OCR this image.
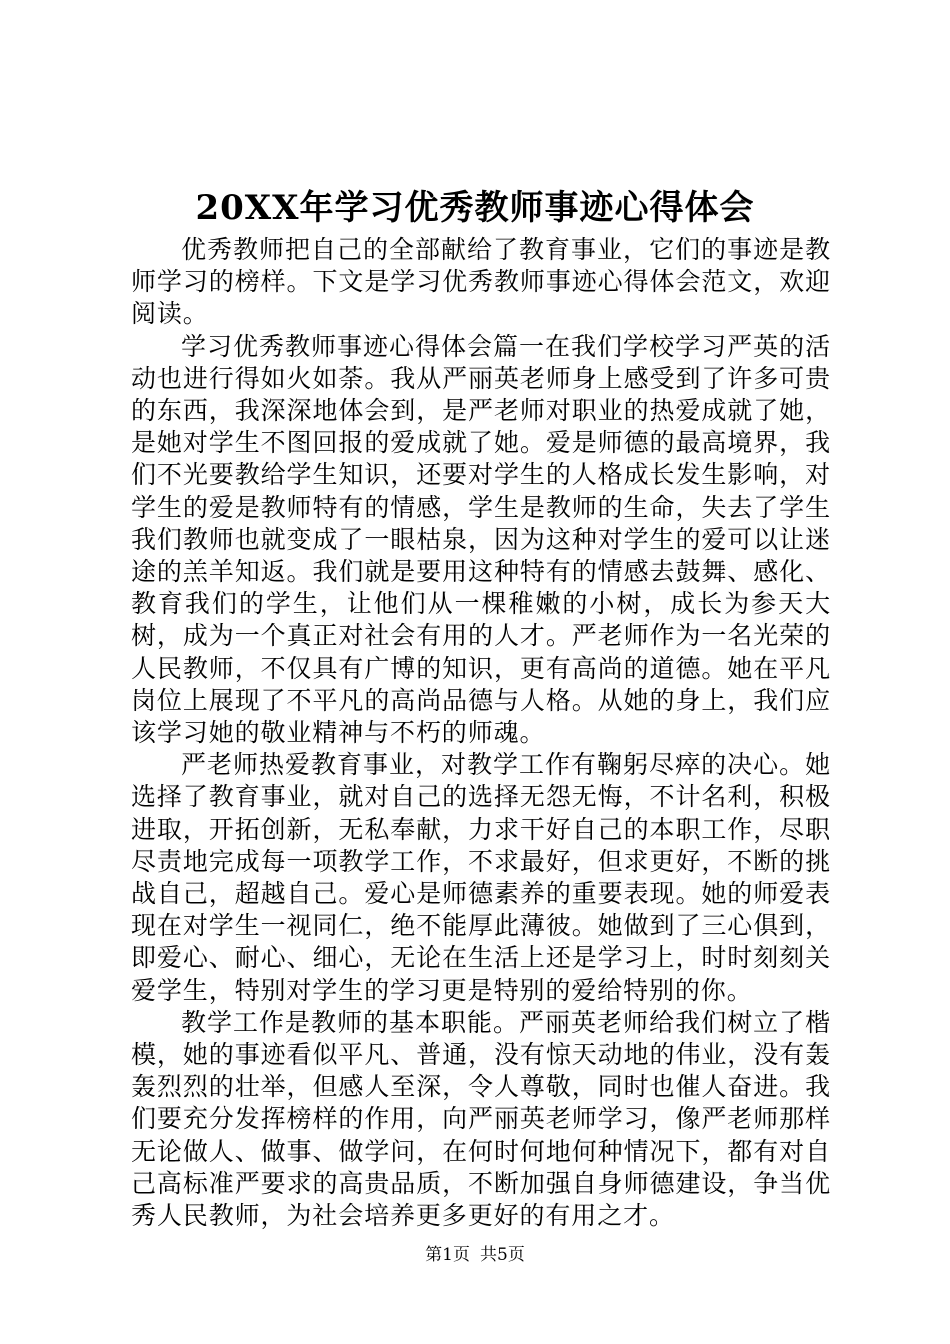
20XX年学习优秀教师事迹心得体会

优秀教师把自己的全部献给了教育事业，它们的事迹是教师学习的榜样。下文是学习优秀教师事迹心得体会范文，欢迎阅读。

学习优秀教师事迹心得体会篇一在我们学校学习严英的活动也进行得如火如荼。我从严丽英老师身上感受到了许多可贵的东西，我深深地体会到，是严老师对职业的热爱成就了她，是她对学生不图回报的爱成就了她。爱是师德的最高境界，我们不光要教给学生知识，还要对学生的人格成长发生影响，对学生的爱是教师特有的情感，学生是教师的生命，失去了学生我们教师也就变成了一眼枯泉，因为这种对学生的爱可以让迷途的羔羊知返。我们就是要用这种特有的情感去鼓舞、感化、教育我们的学生，让他们从一棵稚嫩的小树，成长为参天大树，成为一个真正对社会有用的人才。严老师作为一名光荣的人民教师，不仅具有广博的知识，更有高尚的道德。她在平凡岗位上展现了不平凡的高尚品德与人格。从她的身上，我们应该学习她的敬业精神与不朽的师魂。

严老师热爱教育事业，对教学工作有鞠躬尽瘁的决心。她选择了教育事业，就对自己的选择无怨无悔，不计名利，积极进取，开拓创新，无私奉献，力求干好自己的本职工作，尽职尽责地完成每一项教学工作，不求最好，但求更好，不断的挑战自己，超越自己。爱心是师德素养的重要表现。她的师爱表现在对学生一视同仁，绝不能厚此薄彼。她做到了三心俱到，即爱心、耐心、细心，无论在生活上还是学习上，时时刻刻关爱学生，特别对学生的学习更是特别的爱给特别的你。

教学工作是教师的基本职能。严丽英老师给我们树立了楷模，她的事迹看似平凡、普通，没有惊天动地的伟业，没有轰轰烈烈的壮举，但感人至深，令人尊敬，同时也催人奋进。我们要充分发挥榜样的作用，向严丽英老师学习，像严老师那样无论做人、做事、做学问，在何时何地何种情况下，都有对自己高标准严要求的高贵品质，不断加强自身师德建设，争当优秀人民教师，为社会培养更多更好的有用之才。

第1页 共5页
